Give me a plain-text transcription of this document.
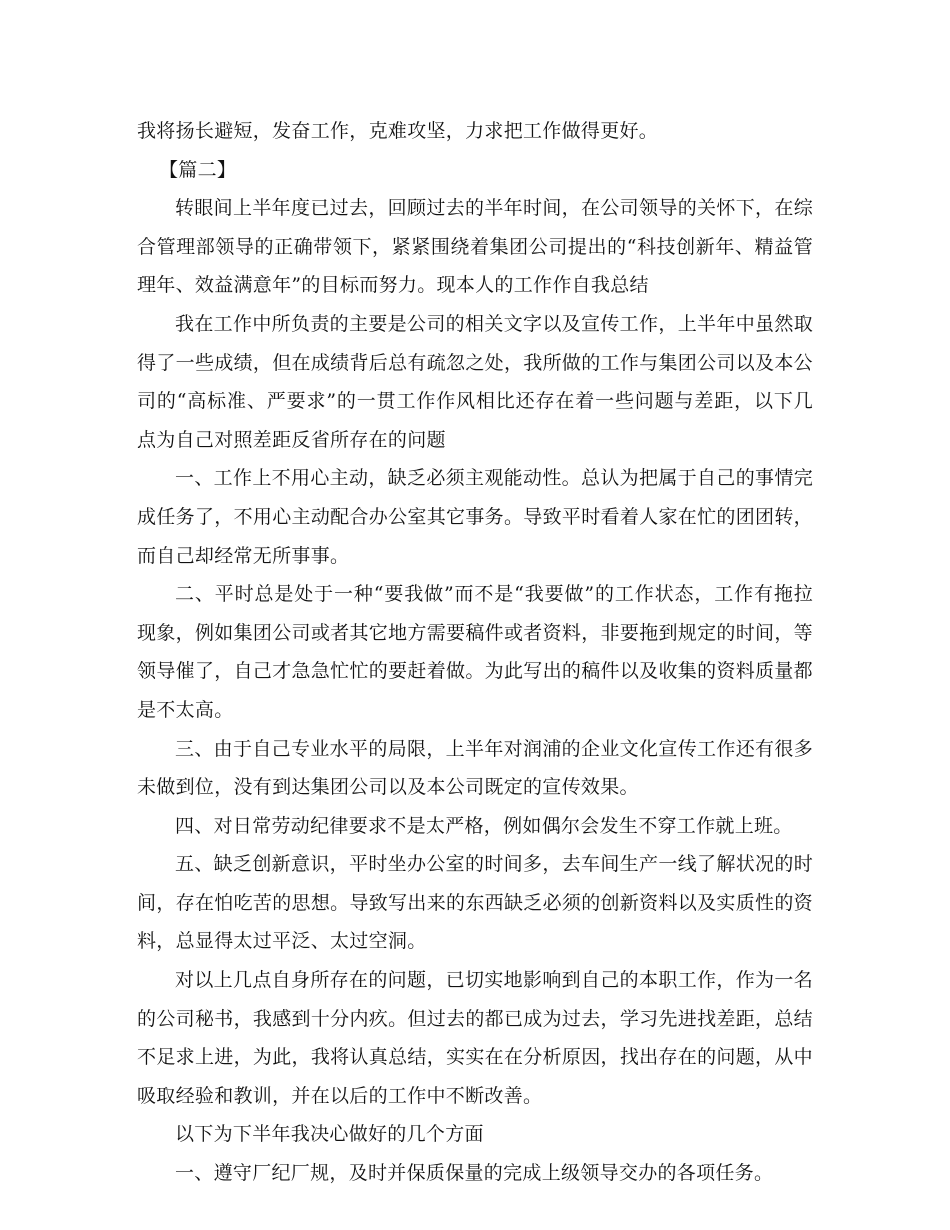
我将扬长避短，发奋工作，克难攻坚，力求把工作做得更好。

【篇二】

转眼间上半年度已过去，回顾过去的半年时间，在公司领导的关怀下，在综合管理部领导的正确带领下，紧紧围绕着集团公司提出的“科技创新年、精益管理年、效益满意年”的目标而努力。现本人的工作作自我总结

我在工作中所负责的主要是公司的相关文字以及宣传工作，上半年中虽然取得了一些成绩，但在成绩背后总有疏忽之处，我所做的工作与集团公司以及本公司的“高标准、严要求”的一贯工作作风相比还存在着一些问题与差距，以下几点为自己对照差距反省所存在的问题

一、工作上不用心主动，缺乏必须主观能动性。总认为把属于自己的事情完成任务了，不用心主动配合办公室其它事务。导致平时看着人家在忙的团团转，而自己却经常无所事事。

二、平时总是处于一种“要我做”而不是“我要做”的工作状态，工作有拖拉现象，例如集团公司或者其它地方需要稿件或者资料，非要拖到规定的时间，等领导催了，自己才急急忙忙的要赶着做。为此写出的稿件以及收集的资料质量都是不太高。

三、由于自己专业水平的局限，上半年对润浦的企业文化宣传工作还有很多未做到位，没有到达集团公司以及本公司既定的宣传效果。

四、对日常劳动纪律要求不是太严格，例如偶尔会发生不穿工作就上班。

五、缺乏创新意识，平时坐办公室的时间多，去车间生产一线了解状况的时间，存在怕吃苦的思想。导致写出来的东西缺乏必须的创新资料以及实质性的资料，总显得太过平泛、太过空洞。

对以上几点自身所存在的问题，已切实地影响到自己的本职工作，作为一名的公司秘书，我感到十分内疚。但过去的都已成为过去，学习先进找差距，总结不足求上进，为此，我将认真总结，实实在在分析原因，找出存在的问题，从中吸取经验和教训，并在以后的工作中不断改善。

以下为下半年我决心做好的几个方面

一、遵守厂纪厂规，及时并保质保量的完成上级领导交办的各项任务。
